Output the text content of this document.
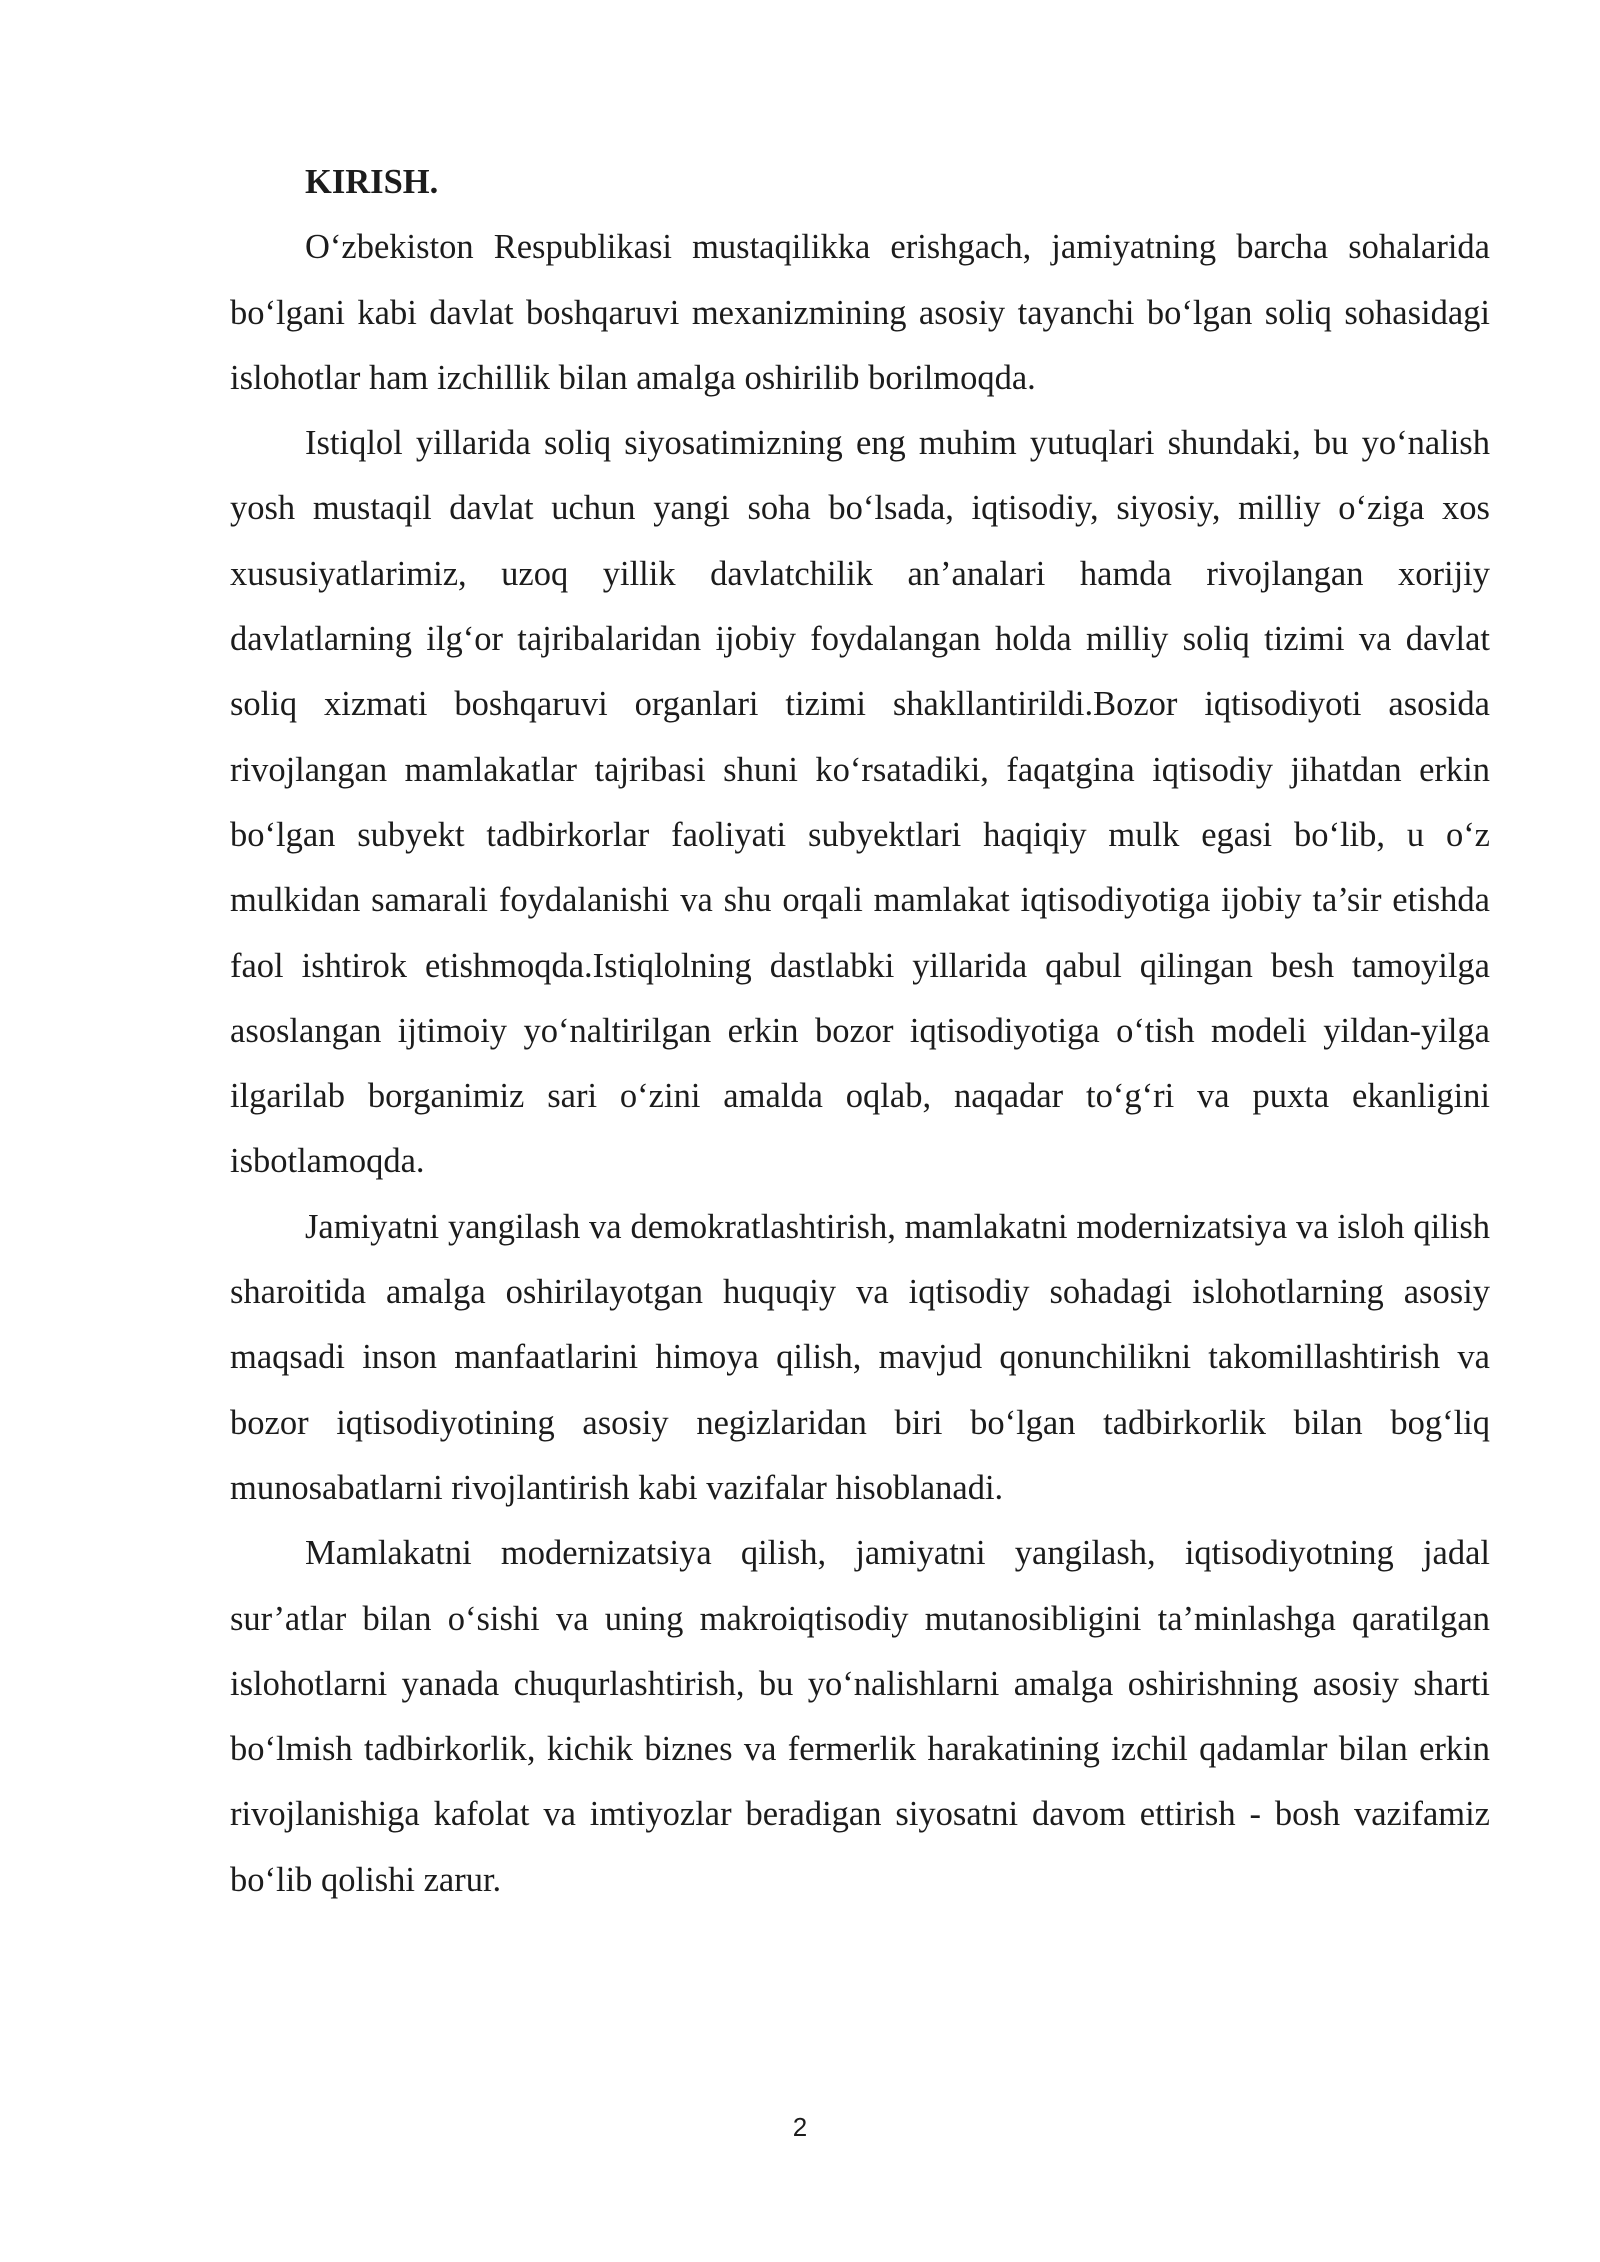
KIRISH.

O‘zbekiston Respublikasi mustaqilikka erishgach, jamiyatning barcha sohalarida bo‘lgani kabi davlat boshqaruvi mexanizmining asosiy tayanchi bo‘lgan soliq sohasidagi islohotlar ham izchillik bilan amalga oshirilib borilmoqda.

Istiqlol yillarida soliq siyosatimizning eng muhim yutuqlari shundaki, bu yo‘nalish yosh mustaqil davlat uchun yangi soha bo‘lsada, iqtisodiy, siyosiy, milliy o‘ziga xos xususiyatlarimiz, uzoq yillik davlatchilik an’analari hamda rivojlangan xorijiy davlatlarning ilg‘or tajribalaridan ijobiy foydalangan holda milliy soliq tizimi va davlat soliq xizmati boshqaruvi organlari tizimi shakllantirildi.Bozor iqtisodiyoti asosida rivojlangan mamlakatlar tajribasi shuni ko‘rsatadiki, faqatgina iqtisodiy jihatdan erkin bo‘lgan subyekt tadbirkorlar faoliyati subyektlari haqiqiy mulk egasi bo‘lib, u o‘z mulkidan samarali foydalanishi va shu orqali mamlakat iqtisodiyotiga ijobiy ta’sir etishda faol ishtirok etishmoqda.Istiqlolning dastlabki yillarida qabul qilingan besh tamoyilga asoslangan ijtimoiy yo‘naltirilgan erkin bozor iqtisodiyotiga o‘tish modeli yildan-yilga ilgarilab borganimiz sari o‘zini amalda oqlab, naqadar to‘g‘ri va puxta ekanligini isbotlamoqda.

Jamiyatni yangilash va demokratlashtirish, mamlakatni modernizatsiya va isloh qilish sharoitida amalga oshirilayotgan huquqiy va iqtisodiy sohadagi islohotlarning asosiy maqsadi inson manfaatlarini himoya qilish, mavjud qonunchilikni takomillashtirish va bozor iqtisodiyotining asosiy negizlaridan biri bo‘lgan tadbirkorlik bilan bog‘liq munosabatlarni rivojlantirish kabi vazifalar hisoblanadi.

Mamlakatni modernizatsiya qilish, jamiyatni yangilash, iqtisodiyotning jadal sur’atlar bilan o‘sishi va uning makroiqtisodiy mutanosibligini ta’minlashga qaratilgan islohotlarni yanada chuqurlashtirish, bu yo‘nalishlarni amalga oshirishning asosiy sharti bo‘lmish tadbirkorlik, kichik biznes va fermerlik harakatining izchil qadamlar bilan erkin rivojlanishiga kafolat va imtiyozlar beradigan siyosatni davom ettirish - bosh vazifamiz bo‘lib qolishi zarur.

2
